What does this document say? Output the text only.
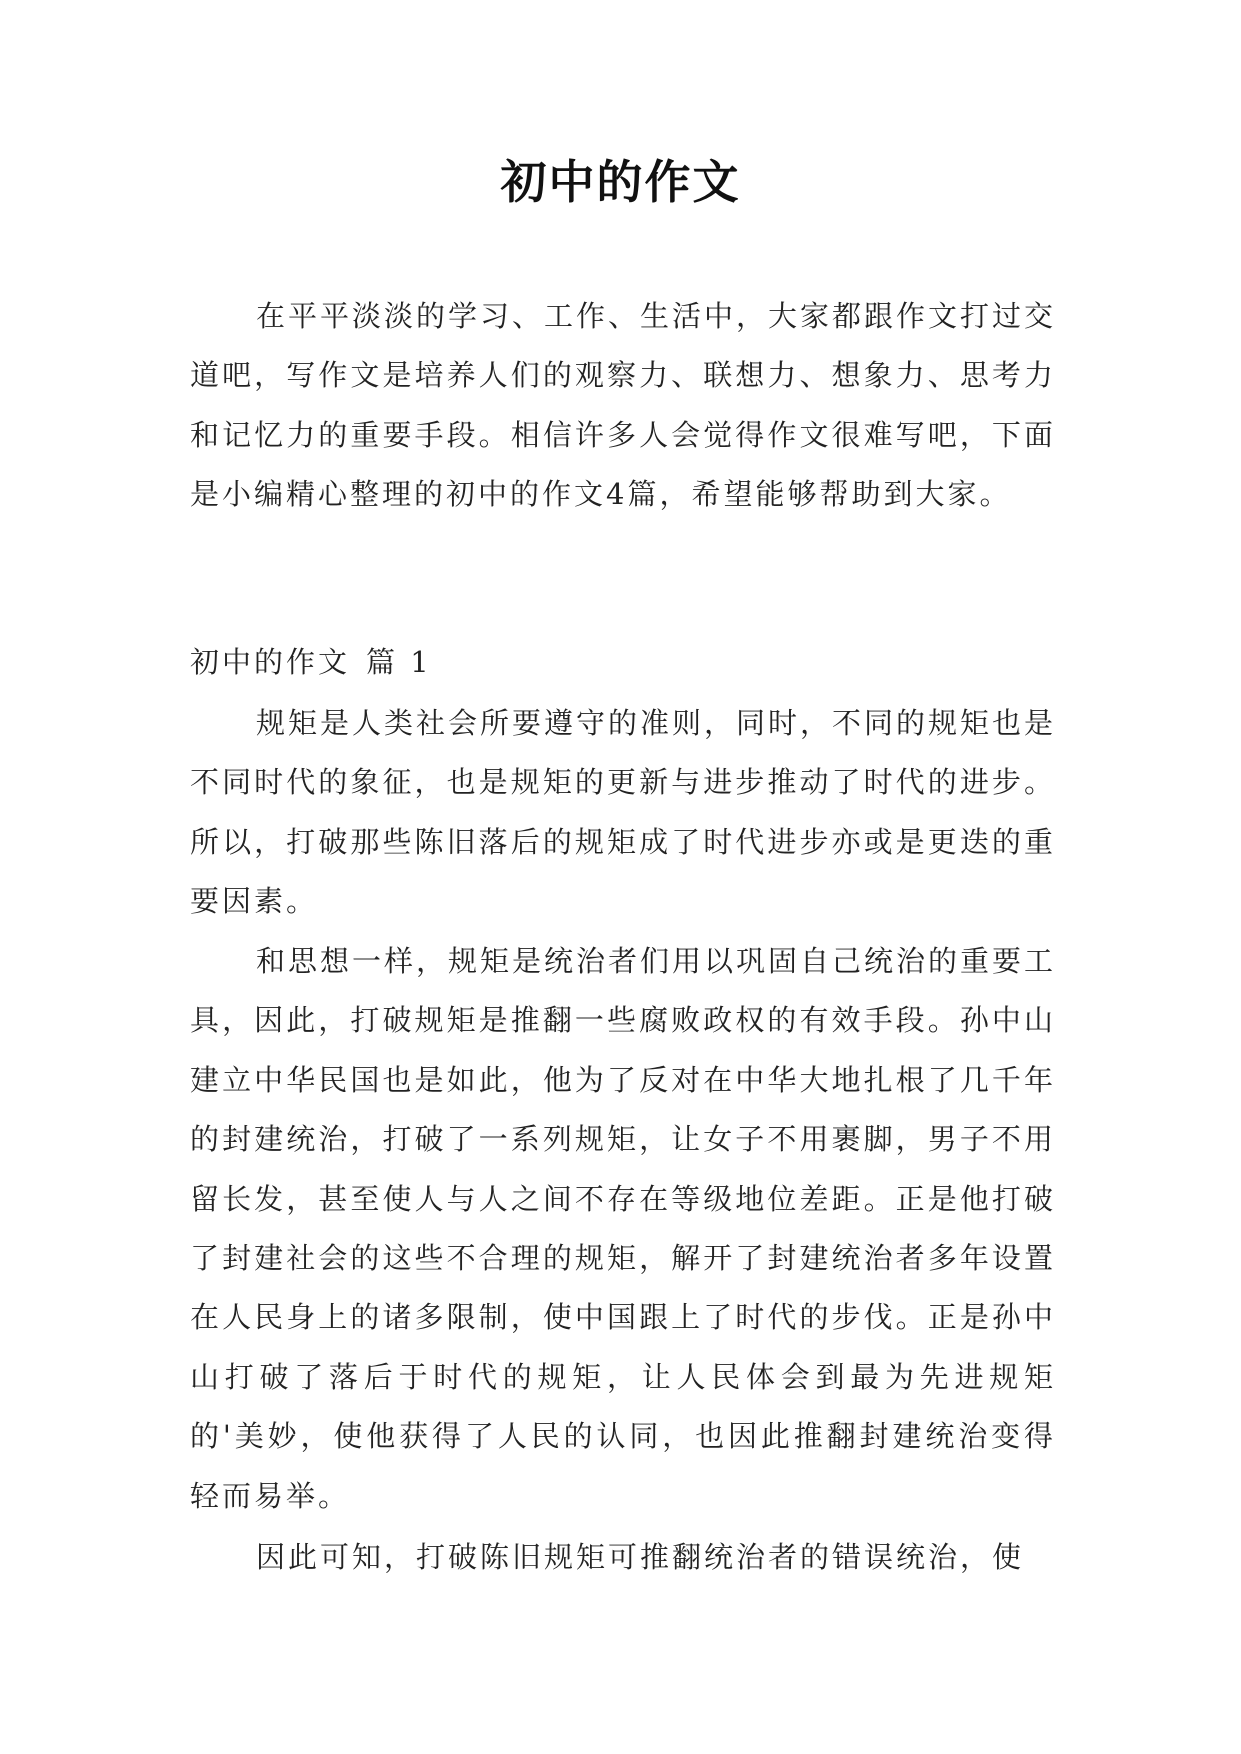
初中的作文

在平平淡淡的学习、工作、生活中，大家都跟作文打过交道吧，写作文是培养人们的观察力、联想力、想象力、思考力和记忆力的重要手段。相信许多人会觉得作文很难写吧，下面是小编精心整理的初中的作文4篇，希望能够帮助到大家。

初中的作文 篇 1

规矩是人类社会所要遵守的准则，同时，不同的规矩也是不同时代的象征，也是规矩的更新与进步推动了时代的进步。所以，打破那些陈旧落后的规矩成了时代进步亦或是更迭的重要因素。

和思想一样，规矩是统治者们用以巩固自己统治的重要工具，因此，打破规矩是推翻一些腐败政权的有效手段。孙中山建立中华民国也是如此，他为了反对在中华大地扎根了几千年的封建统治，打破了一系列规矩，让女子不用裹脚，男子不用留长发，甚至使人与人之间不存在等级地位差距。正是他打破了封建社会的这些不合理的规矩，解开了封建统治者多年设置在人民身上的诸多限制，使中国跟上了时代的步伐。正是孙中山打破了落后于时代的规矩，让人民体会到最为先进规矩的'美妙，使他获得了人民的认同，也因此推翻封建统治变得轻而易举。

因此可知，打破陈旧规矩可推翻统治者的错误统治，使
